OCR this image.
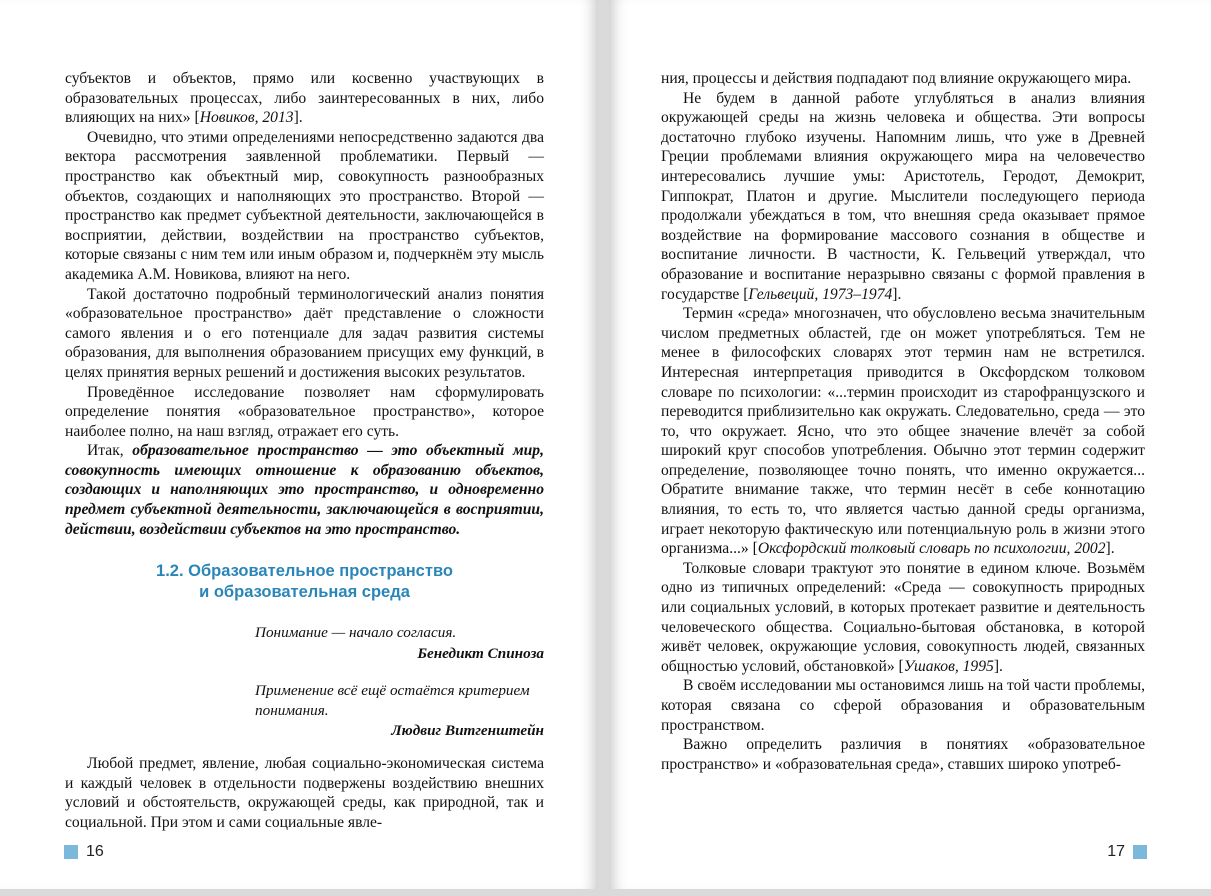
субъектов и объектов, прямо или косвенно участвующих в образовательных процессах, либо заинтересованных в них, либо влияющих на них» [Новиков, 2013].

Очевидно, что этими определениями непосредственно задаются два вектора рассмотрения заявленной проблематики. Первый — пространство как объектный мир, совокупность разнообразных объектов, создающих и наполняющих это пространство. Второй — пространство как предмет субъектной деятельности, заключающейся в восприятии, действии, воздействии на пространство субъектов, которые связаны с ним тем или иным образом и, подчеркнём эту мысль академика А.М. Новикова, влияют на него.

Такой достаточно подробный терминологический анализ понятия «образовательное пространство» даёт представление о сложности самого явления и о его потенциале для задач развития системы образования, для выполнения образованием присущих ему функций, в целях принятия верных решений и достижения высоких результатов.

Проведённое исследование позволяет нам сформулировать определение понятия «образовательное пространство», которое наиболее полно, на наш взгляд, отражает его суть.

Итак, образовательное пространство — это объектный мир, совокупность имеющих отношение к образованию объектов, создающих и наполняющих это пространство, и одновременно предмет субъектной деятельности, заключающейся в восприятии, действии, воздействии субъектов на это пространство.

1.2. Образовательное пространство
и образовательная среда
Понимание — начало согласия.
Бенедикт Спиноза
Применение всё ещё остаётся критерием понимания.
Людвиг Витгенштейн

Любой предмет, явление, любая социально-экономическая система и каждый человек в отдельности подвержены воздействию внешних условий и обстоятельств, окружающей среды, как природной, так и социальной. При этом и сами социальные явле-

16

ния, процессы и действия подпадают под влияние окружающего мира.

Не будем в данной работе углубляться в анализ влияния окружающей среды на жизнь человека и общества. Эти вопросы достаточно глубоко изучены. Напомним лишь, что уже в Древней Греции проблемами влияния окружающего мира на человечество интересовались лучшие умы: Аристотель, Геродот, Демокрит, Гиппократ, Платон и другие. Мыслители последующего периода продолжали убеждаться в том, что внешняя среда оказывает прямое воздействие на формирование массового сознания в обществе и воспитание личности. В частности, К. Гельвеций утверждал, что образование и воспитание неразрывно связаны с формой правления в государстве [Гельвеций, 1973–1974].

Термин «среда» многозначен, что обусловлено весьма значительным числом предметных областей, где он может употребляться. Тем не менее в философских словарях этот термин нам не встретился. Интересная интерпретация приводится в Оксфордском толковом словаре по психологии: «...термин происходит из старофранцузского и переводится приблизительно как окружать. Следовательно, среда — это то, что окружает. Ясно, что это общее значение влечёт за собой широкий круг способов употребления. Обычно этот термин содержит определение, позволяющее точно понять, что именно окружается... Обратите внимание также, что термин несёт в себе коннотацию влияния, то есть то, что является частью данной среды организма, играет некоторую фактическую или потенциальную роль в жизни этого организма...» [Оксфордский толковый словарь по психологии, 2002].

Толковые словари трактуют это понятие в едином ключе. Возьмём одно из типичных определений: «Среда — совокупность природных или социальных условий, в которых протекает развитие и деятельность человеческого общества. Социально-бытовая обстановка, в которой живёт человек, окружающие условия, совокупность людей, связанных общностью условий, обстановкой» [Ушаков, 1995].

В своём исследовании мы остановимся лишь на той части проблемы, которая связана со сферой образования и образовательным пространством.

Важно определить различия в понятиях «образовательное пространство» и «образовательная среда», ставших широко употреб-

17
